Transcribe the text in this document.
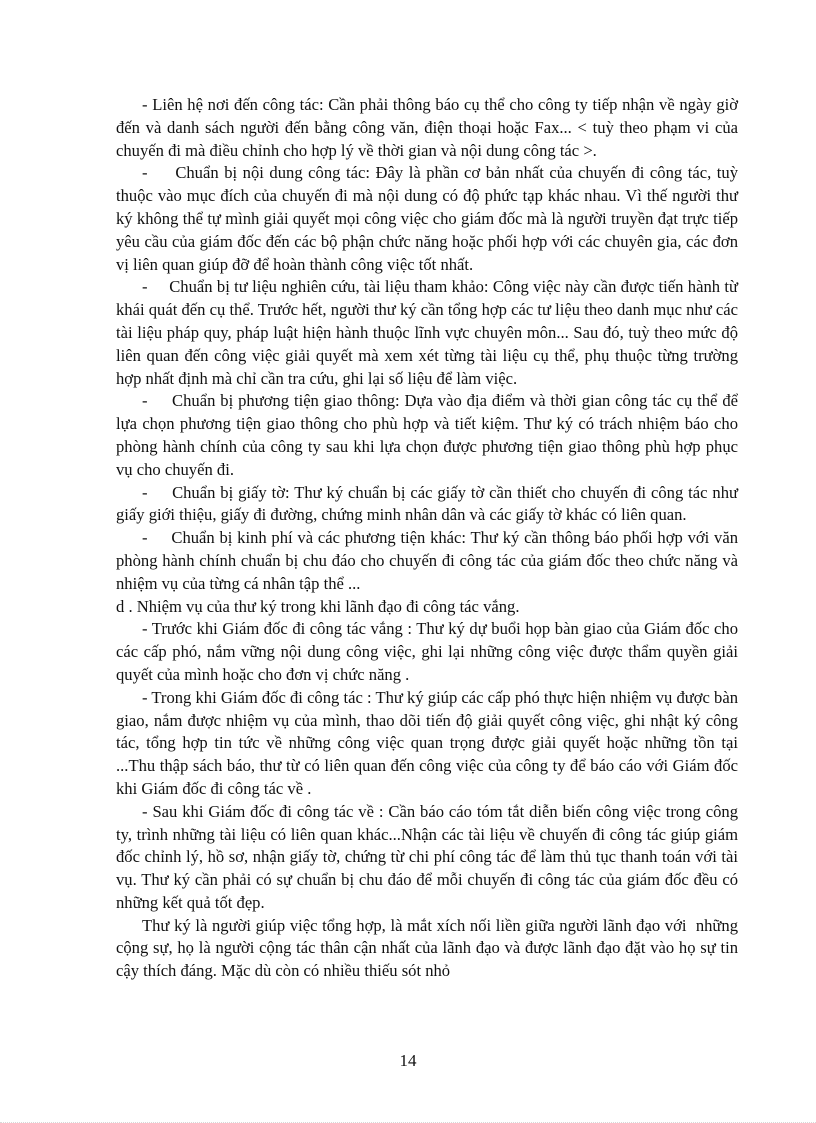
- Liên hệ nơi đến công tác: Cần phải thông báo cụ thể cho công ty tiếp nhận về ngày giờ đến và danh sách người đến bằng công văn, điện thoại hoặc Fax... < tuỳ theo phạm vi của chuyến đi mà điều chỉnh cho hợp lý về thời gian và nội dung công tác >.

-     Chuẩn bị nội dung công tác: Đây là phần cơ bản nhất của chuyến đi công tác, tuỳ thuộc vào mục đích của chuyến đi mà nội dung có độ phức tạp khác nhau. Vì thế người thư ký không thể tự mình giải quyết mọi công việc cho giám đốc mà là người truyền đạt trực tiếp yêu cầu của giám đốc đến các bộ phận chức năng hoặc phối hợp với các chuyên gia, các đơn vị liên quan giúp đỡ để hoàn thành công việc tốt nhất.

-     Chuẩn bị tư liệu nghiên cứu, tài liệu tham khảo: Công việc này cần được tiến hành từ khái quát đến cụ thể. Trước hết, người thư ký cần tổng hợp các tư liệu theo danh mục như các tài liệu pháp quy, pháp luật hiện hành thuộc lĩnh vực chuyên môn... Sau đó, tuỳ theo mức độ liên quan đến công việc giải quyết mà xem xét từng tài liệu cụ thể, phụ thuộc từng trường hợp nhất định mà chỉ cần tra cứu, ghi lại số liệu để làm việc.

-     Chuẩn bị phương tiện giao thông: Dựa vào địa điểm và thời gian công tác cụ thể để lựa chọn phương tiện giao thông cho phù hợp và tiết kiệm. Thư ký có trách nhiệm báo cho phòng hành chính của công ty sau khi lựa chọn được phương tiện giao thông phù hợp phục vụ cho chuyến đi.

-     Chuẩn bị giấy tờ: Thư ký chuẩn bị các giấy tờ cần thiết cho chuyến đi công tác như giấy giới thiệu, giấy đi đường, chứng minh nhân dân và các giấy tờ khác có liên quan.

-     Chuẩn bị kinh phí và các phương tiện khác: Thư ký cần thông báo phối hợp với văn phòng hành chính chuẩn bị chu đáo cho chuyến đi công tác của giám đốc theo chức năng và nhiệm vụ của từng cá nhân tập thể ...

d . Nhiệm vụ của thư ký trong khi lãnh đạo đi công tác vắng.

- Trước khi Giám đốc đi công tác vắng : Thư ký dự buổi họp bàn giao của Giám đốc cho các cấp phó, nắm vững nội dung công việc, ghi lại những công việc được thẩm quyền giải quyết của mình hoặc cho đơn vị chức năng .

- Trong khi Giám đốc đi công tác : Thư ký giúp các cấp phó thực hiện nhiệm vụ được bàn giao, nắm được nhiệm vụ của mình, thao dõi tiến độ giải quyết công việc, ghi nhật ký công tác, tổng hợp tin tức về những công việc quan trọng được giải quyết hoặc những tồn tại ...Thu thập sách báo, thư từ có liên quan đến công việc của công ty để báo cáo với Giám đốc khi Giám đốc đi công tác về .

- Sau khi Giám đốc đi công tác về : Cần báo cáo tóm tắt diễn biến công việc trong công ty, trình những tài liệu có liên quan khác...Nhận các tài liệu về chuyến đi công tác giúp giám đốc chỉnh lý, hồ sơ, nhận giấy tờ, chứng từ chi phí công tác để làm thủ tục thanh toán với tài vụ. Thư ký cần phải có sự chuẩn bị chu đáo để mỗi chuyến đi công tác của giám đốc đều có những kết quả tốt đẹp.

Thư ký là người giúp việc tổng hợp, là mắt xích nối liền giữa người lãnh đạo với  những cộng sự, họ là người cộng tác thân cận nhất của lãnh đạo và được lãnh đạo đặt vào họ sự tin cậy thích đáng. Mặc dù còn có nhiều thiếu sót nhỏ

14
